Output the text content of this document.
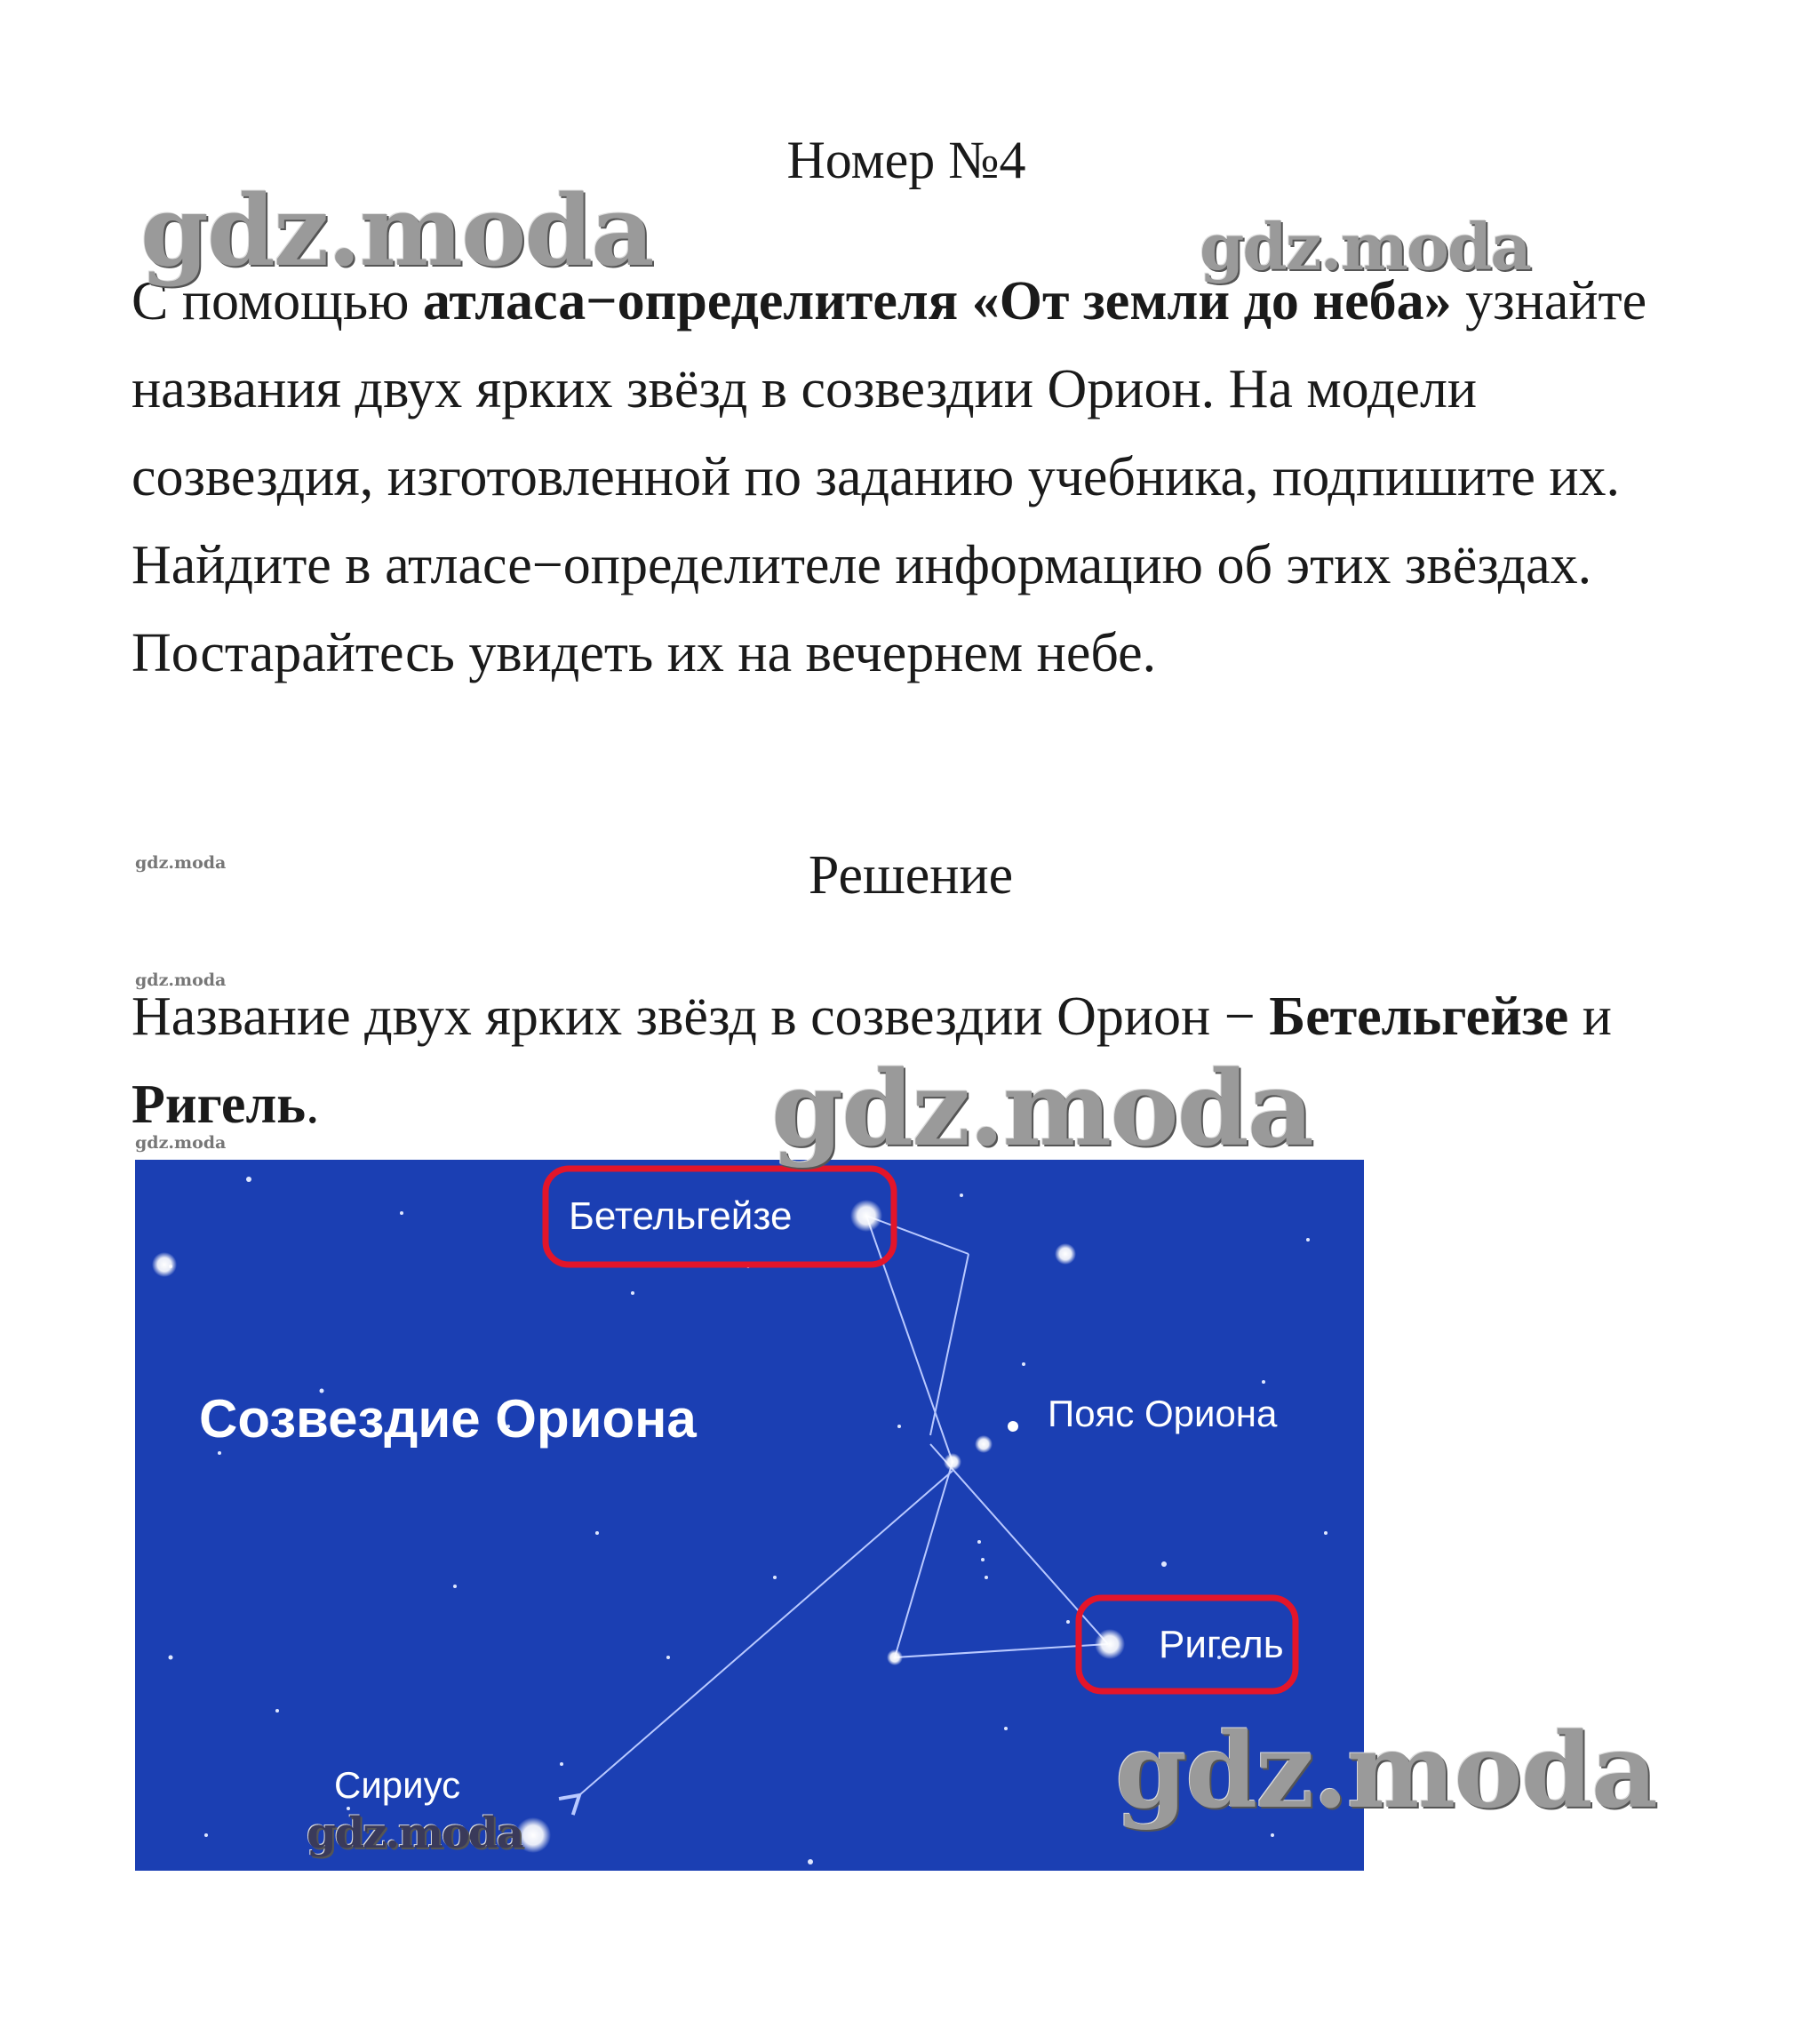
Номер №4
С помощью атласа−определителя «От земли до неба» узнайте названия двух ярких звёзд в созвездии Орион. На модели созвездия, изготовленной по заданию учебника, подпишите их. Найдите в атласе−определителе информацию об этих звёздах. Постарайтесь увидеть их на вечернем небе.
Решение
Название двух ярких звёзд в созвездии Орион − Бетельгейзе и Ригель.
Бетельгейзе
Созвездие Ориона	Пояс Ориона
Ригель
Сириус
gdz.moda	gdz.moda
gdz.moda
gdz.moda
gdz.moda
gdz.moda
gdz.moda
gdz.moda
